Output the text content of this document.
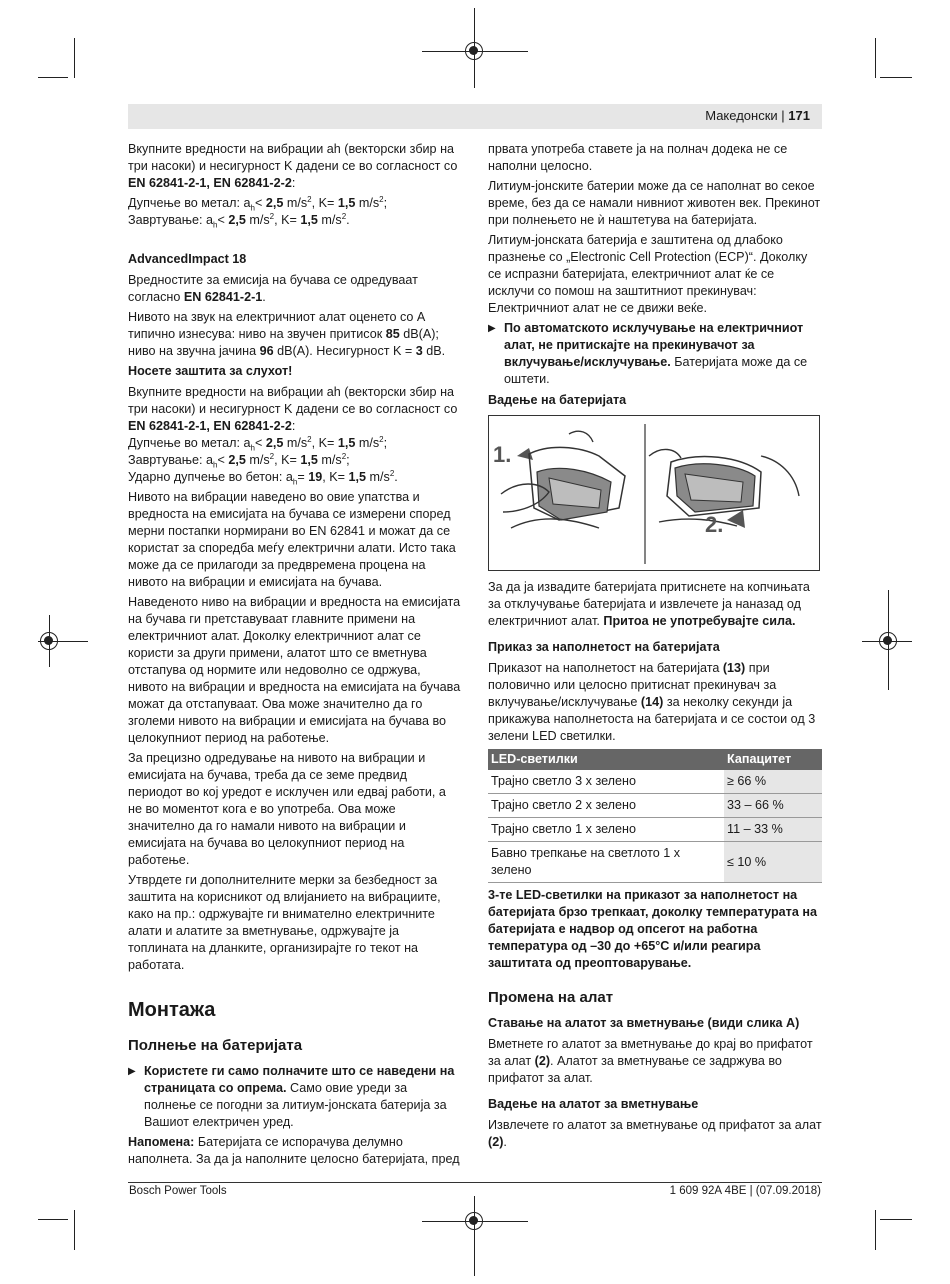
Македонски | 171

Вкупните вредности на вибрации ah (векторски збир на три насоки) и несигурност K дадени се во согласност со EN 62841-2-1, EN 62841-2-2:

Дупчење во метал: $a_h< 2,5$ $m/s^2$, K= 1,5 $m/s^2$;
Завртување: $a_h< 2,5$ $m/s^2$, K= 1,5 $m/s^2$.

AdvancedImpact 18

Вредностите за емисија на бучава се одредуваат согласно EN 62841-2-1.

Нивото на звук на електричниот алат оценето со A типично изнесува: ниво на звучен притисок 85 dB(A); ниво на звучна јачина 96 dB(A). Несигурност K = 3 dB.

Носете заштита за слухот!

Вкупните вредности на вибрации ah (векторски збир на три насоки) и несигурност K дадени се во согласност со EN 62841-2-1, EN 62841-2-2:

Дупчење во метал: $a_h< 2,5$ $m/s^2$, K= 1,5 $m/s^2$;
Завртување: $a_h< 2,5$ $m/s^2$, K= 1,5 $m/s^2$;
Ударно дупчење во бетон: $a_h= 19$, K= 1,5 $m/s^2$.

Нивото на вибрации наведено во овие упатства и вредноста на емисијата на бучава се измерени според мерни постапки нормирани во EN 62841 и можат да се користат за споредба меѓу електрични алати. Исто така може да се прилагоди за предвремена процена на нивото на вибрации и емисијата на бучава.

Наведеното ниво на вибрации и вредноста на емисијата на бучава ги претставуваат главните примени на електричниот алат. Доколку електричниот алат се користи за други примени, алатот што се вметнува отстапува од нормите или недоволно се одржува, нивото на вибрации и вредноста на емисијата на бучава можат да отстапуваат. Ова може значително да го зголеми нивото на вибрации и емисијата на бучава во целокупниот период на работење.

За прецизно одредување на нивото на вибрации и емисијата на бучава, треба да се земе предвид периодот во кој уредот е исклучен или едвај работи, а не во моментот кога е во употреба. Ова може значително да го намали нивото на вибрации и емисијата на бучава во целокупниот период на работење.

Утврдете ги дополнителните мерки за безбедност за заштита на корисникот од влијанието на вибрациите, како на пр.: одржувајте ги внимателно електричните алати и алатите за вметнување, одржувајте ја топлината на дланките, организирајте го текот на работата.

Монтажа

Полнење на батеријата

▶ Користете ги само полначите што се наведени на страницата со опрема. Само овие уреди за полнење се погодни за литиум-јонската батерија за Вашиот електричен уред.

Напомена: Батеријата се испорачува делумно наполнета. За да ја наполните целосно батеријата, пред

првата употреба ставете ја на полнач додека не се наполни целосно.

Литиум-јонските батерии може да се наполнат во секое време, без да се намали нивниот животен век. Прекинот при полнењето не ѝ наштетува на батеријата.

Литиум-јонската батерија е заштитена од длабоко празнење со „Electronic Cell Protection (ECP)“. Доколку се испразни батеријата, електричниот алат ќе се исклучи со помош на заштитниот прекинувач: Електричниот алат не се движи веќе.

▶ По автоматското исклучување на електричниот алат, не притискајте на прекинувачот за вклучување/исклучување. Батеријата може да се оштети.

Вадење на батеријата

1.
2.

За да ја извадите батеријата притиснете на копчињата за отклучување батеријата и извлечете ја наназад од електричниот алат. Притоа не употребувајте сила.

Приказ за наполнетост на батеријата

Приказот на наполнетост на батеријата (13) при половично или целосно притиснат прекинувач за вклучување/исклучување (14) за неколку секунди ја прикажува наполнетоста на батеријата и се состои од 3 зелени LED светилки.

LED-светилки	Капацитет
Трајно светло 3 x зелено	≥ 66 %
Трајно светло 2 x зелено	33 – 66 %
Трајно светло 1 x зелено	11 – 33 %
Бавно трепкање на светлото 1 x зелено	≤ 10 %

3-те LED-светилки на приказот за наполнетост на батеријата брзо трепкаат, доколку температурата на батеријата е надвор од опсегот на работна температура од –30 до +65°C и/или реагира заштитата од преоптоварување.

Промена на алат

Ставање на алатот за вметнување (види слика A)

Вметнете го алатот за вметнување до крај во прифатот за алат (2). Алатот за вметнување се задржува во прифатот за алат.

Вадење на алатот за вметнување

Извлечете го алатот за вметнување од прифатот за алат (2).

Bosch Power Tools	1 609 92A 4BE | (07.09.2018)
